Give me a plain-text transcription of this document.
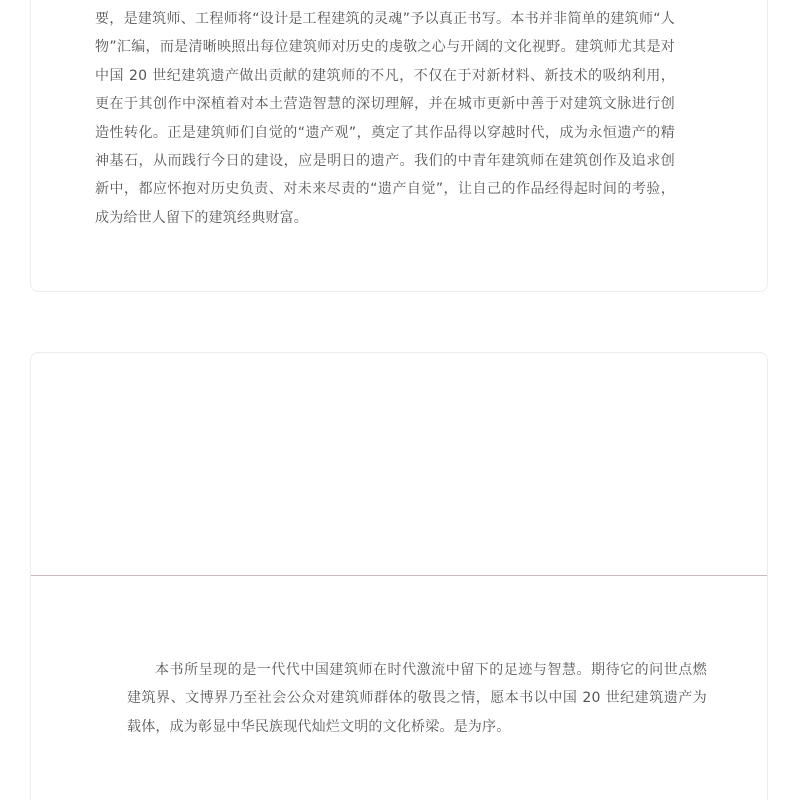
要，是建筑师、工程师将“设计是工程建筑的灵魂”予以真正书写。本书并非简单的建筑师“人物”汇编，而是清晰映照出每位建筑师对历史的虔敬之心与开阔的文化视野。建筑师尤其是对中国 20 世纪建筑遗产做出贡献的建筑师的不凡，不仅在于对新材料、新技术的吸纳利用，更在于其创作中深植着对本土营造智慧的深切理解，并在城市更新中善于对建筑文脉进行创造性转化。正是建筑师们自觉的“遗产观”，奠定了其作品得以穿越时代，成为永恒遗产的精神基石，从而践行今日的建设，应是明日的遗产。我们的中青年建筑师在建筑创作及追求创新中，都应怀抱对历史负责、对未来尽责的“遗产自觉”，让自己的作品经得起时间的考验，成为给世人留下的建筑经典财富。

本书所呈现的是一代代中国建筑师在时代激流中留下的足迹与智慧。期待它的问世点燃建筑界、文博界乃至社会公众对建筑师群体的敬畏之情，愿本书以中国 20 世纪建筑遗产为载体，成为彰显中华民族现代灿烂文明的文化桥梁。是为序。
